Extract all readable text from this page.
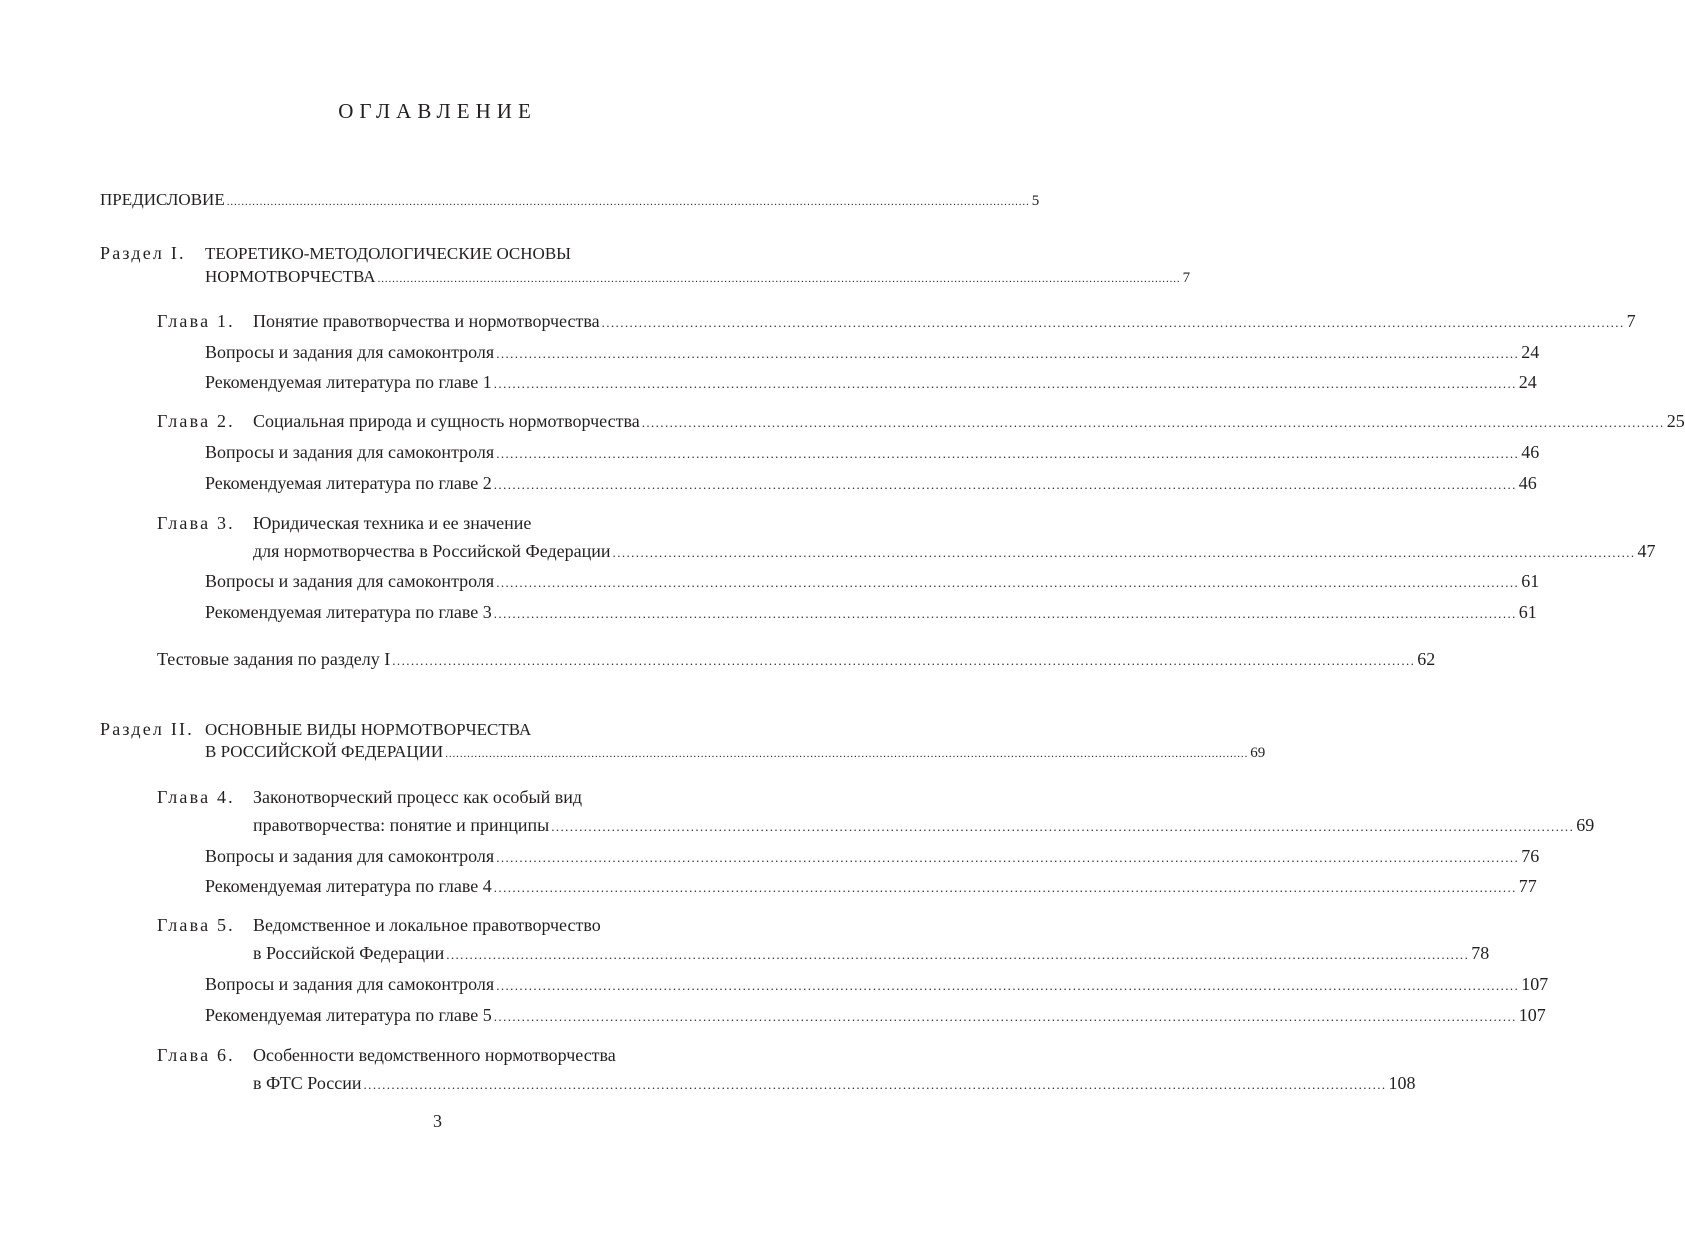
ОГЛАВЛЕНИЕ
ПРЕДИСЛОВИЕ ............................................................................................................................................................................................................................ 5
Раздел I. ТЕОРЕТИКО-МЕТОДОЛОГИЧЕСКИЕ ОСНОВЫ
НОРМОТВОРЧЕСТВА ............................................................................................................................................................................................................................ 7
Глава 1.	Понятие правотворчества и нормотворчества ............................................................................................................................................................................................................................ 7
Вопросы и задания для самоконтроля ............................................................................................................................................................................................................................ 24
Рекомендуемая литература по главе 1 ............................................................................................................................................................................................................................ 24
Глава 2.	Социальная природа и сущность нормотворчества ............................................................................................................................................................................................................................ 25
Вопросы и задания для самоконтроля ............................................................................................................................................................................................................................ 46
Рекомендуемая литература по главе 2 ............................................................................................................................................................................................................................ 46
Глава 3. Юридическая техника и ее значение
для нормотворчества в Российской Федерации ............................................................................................................................................................................................................................ 47
Вопросы и задания для самоконтроля ............................................................................................................................................................................................................................ 61
Рекомендуемая литература по главе 3 ............................................................................................................................................................................................................................ 61
Тестовые задания по разделу I ............................................................................................................................................................................................................................ 62
Раздел II. ОСНОВНЫЕ ВИДЫ НОРМОТВОРЧЕСТВА
В РОССИЙСКОЙ ФЕДЕРАЦИИ ............................................................................................................................................................................................................................ 69
Глава 4. Законотворческий процесс как особый вид
правотворчества: понятие и принципы ............................................................................................................................................................................................................................ 69
Вопросы и задания для самоконтроля ............................................................................................................................................................................................................................ 76
Рекомендуемая литература по главе 4 ............................................................................................................................................................................................................................ 77
Глава 5. Ведомственное и локальное правотворчество
в Российской Федерации ............................................................................................................................................................................................................................ 78
Вопросы и задания для самоконтроля ............................................................................................................................................................................................................................ 107
Рекомендуемая литература по главе 5 ............................................................................................................................................................................................................................ 107
Глава 6. Особенности ведомственного нормотворчества
в ФТС России ............................................................................................................................................................................................................................ 108
3
